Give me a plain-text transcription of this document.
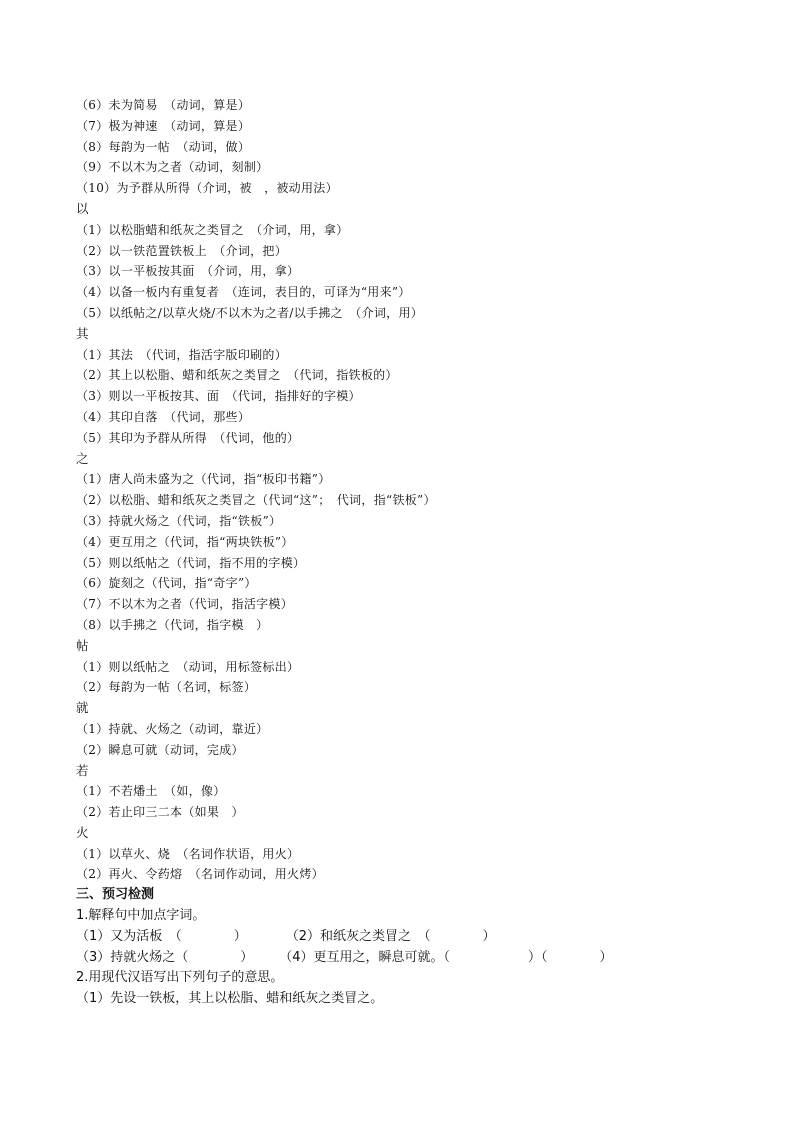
（6）未为简易　（动词，算是）
（7）极为神速　（动词，算是）
（8）每韵为一帖　（动词，做）
（9）不以木为之者（动词，刻制）
（10）为予群从所得（介词，被　，被动用法）
以
（1）以松脂蜡和纸灰之类冒之　（介词，用，拿）
（2）以一铁范置铁板上　（介词，把）
（3）以一平板按其面　（介词，用，拿）
（4）以备一板内有重复者　（连词，表目的，可译为“用来”）
（5）以纸帖之/以草火烧/不以木为之者/以手拂之　（介词，用）
其
（1）其法　（代词，指活字版印刷的）
（2）其上以松脂、蜡和纸灰之类冒之　（代词，指铁板的）
（3）则以一平板按其、面　（代词，指排好的字模）
（4）其印自落　（代词，那些）
（5）其印为予群从所得　（代词，他的）
之
（1）唐人尚未盛为之（代词，指“板印书籍”）
（2）以松脂、蜡和纸灰之类冒之（代词“这”；　代词，指“铁板”）
（3）持就火炀之（代词，指“铁板”）
（4）更互用之（代词，指“两块铁板”）
（5）则以纸帖之（代词，指不用的字模）
（6）旋刻之（代词，指“奇字”）
（7）不以木为之者（代词，指活字模）
（8）以手拂之（代词，指字模　）
帖
（1）则以纸帖之　（动词，用标签标出）
（2）每韵为一帖（名词，标签）
就
（1）持就、火炀之（动词，靠近）
（2）瞬息可就（动词，完成）
若
（1）不若燔土　（如，像）
（2）若止印三二本（如果　）
火
（1）以草火、烧　（名词作状语，用火）
（2）再火、令药熔　（名词作动词，用火烤）
三、预习检测
1.解释句中加点字词。
（1）又为活板　（　　　　）　　　　（2）和纸灰之类冒之　（　　　　）
（3）持就火炀之（　　　　）　　　（4）更互用之，瞬息可就。（　　　　　　）（　　　　）
2.用现代汉语写出下列句子的意思。
（1）先设一铁板，其上以松脂、蜡和纸灰之类冒之。
